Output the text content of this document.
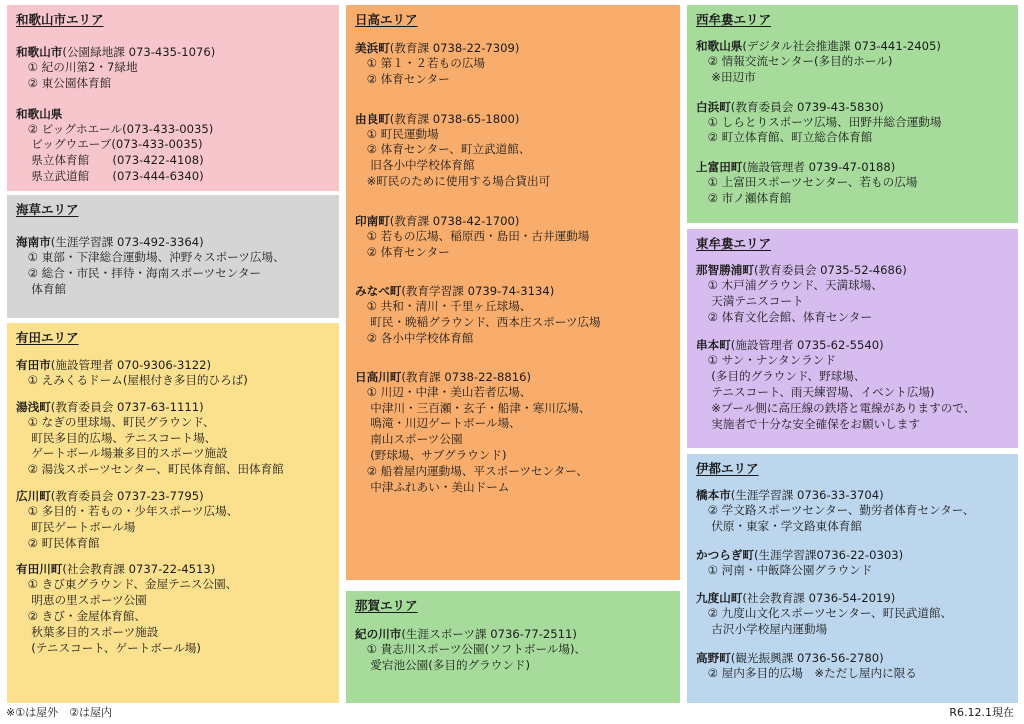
和歌山市エリア
和歌山市(公園緑地課 073-435-1076)
　① 紀の川第2・7緑地
　② 東公園体育館
和歌山県
　② ビッグホエール(073-433-0035)
　 ビッグウエーブ(073-433-0035)
　 県立体育館　　(073-422-4108)
　 県立武道館　　(073-444-6340)
海草エリア
海南市(生涯学習課 073-492-3364)
　① 東部・下津総合運動場、沖野々スポーツ広場、
　② 総合・市民・拝待・海南スポーツセンター
　 体育館
有田エリア
有田市(施設管理者 070-9306-3122)
　① えみくるドーム(屋根付き多目的ひろば)
湯浅町(教育委員会 0737-63-1111)
　① なぎの里球場、町民グラウンド、
　 町民多目的広場、テニスコート場、
　 ゲートボール場兼多目的スポーツ施設
　② 湯浅スポーツセンター、町民体育館、田体育館
広川町(教育委員会 0737-23-7795)
　① 多目的・若もの・少年スポーツ広場、
　 町民ゲートボール場
　② 町民体育館
有田川町(社会教育課 0737-22-4513)
　① きび東グラウンド、金屋テニス公園、
　 明恵の里スポーツ公園
　② きび・金屋体育館、
　 秋葉多目的スポーツ施設
　 (テニスコート、ゲートボール場)
日高エリア
美浜町(教育課 0738-22-7309)
　① 第１・２若もの広場
　② 体育センター
由良町(教育課 0738-65-1800)
　① 町民運動場
　② 体育センター、町立武道館、
　 旧各小中学校体育館
　※町民のために使用する場合貸出可
印南町(教育課 0738-42-1700)
　① 若もの広場、稲原西・島田・古井運動場
　② 体育センター
みなべ町(教育学習課 0739-74-3134)
　① 共和・清川・千里ヶ丘球場、
　 町民・晩稲グラウンド、西本庄スポーツ広場
　② 各小中学校体育館
日高川町(教育課 0738-22-8816)
　① 川辺・中津・美山若者広場、
　 中津川・三百瀬・玄子・船津・寒川広場、
　 鳴滝・川辺ゲートボール場、
　 南山スポーツ公園
　 (野球場、サブグラウンド)
　② 船着屋内運動場、平スポーツセンター、
　 中津ふれあい・美山ドーム
那賀エリア
紀の川市(生涯スポーツ課 0736-77-2511)
　① 貴志川スポーツ公園(ソフトボール場)、
　 愛宕池公園(多目的グラウンド)
西牟婁エリア
和歌山県(デジタル社会推進課 073-441-2405)
　② 情報交流センター(多目的ホール)
　 ※田辺市
白浜町(教育委員会 0739-43-5830)
　① しらとりスポーツ広場、田野井総合運動場
　② 町立体育館、町立総合体育館
上富田町(施設管理者 0739-47-0188)
　① 上富田スポーツセンター、若もの広場
　② 市ノ瀬体育館
東牟婁エリア
那智勝浦町(教育委員会 0735-52-4686)
　① 木戸浦グラウンド、天満球場、
　 天満テニスコート
　② 体育文化会館、体育センター
串本町(施設管理者 0735-62-5540)
　① サン・ナンタンランド
　 (多目的グラウンド、野球場、
　 テニスコート、雨天練習場、イベント広場)
　 ※プール側に高圧線の鉄塔と電線がありますので、
　 実施者で十分な安全確保をお願いします
伊都エリア
橋本市(生涯学習課 0736-33-3704)
　② 学文路スポーツセンター、勤労者体育センター、
　 伏原・東家・学文路東体育館
かつらぎ町(生涯学習課0736-22-0303)
　① 河南・中飯降公園グラウンド
九度山町(社会教育課 0736-54-2019)
　② 九度山文化スポーツセンター、町民武道館、
　 古沢小学校屋内運動場
高野町(観光振興課 0736-56-2780)
　② 屋内多目的広場　※ただし屋内に限る
※①は屋外　②は屋内	R6.12.1現在
